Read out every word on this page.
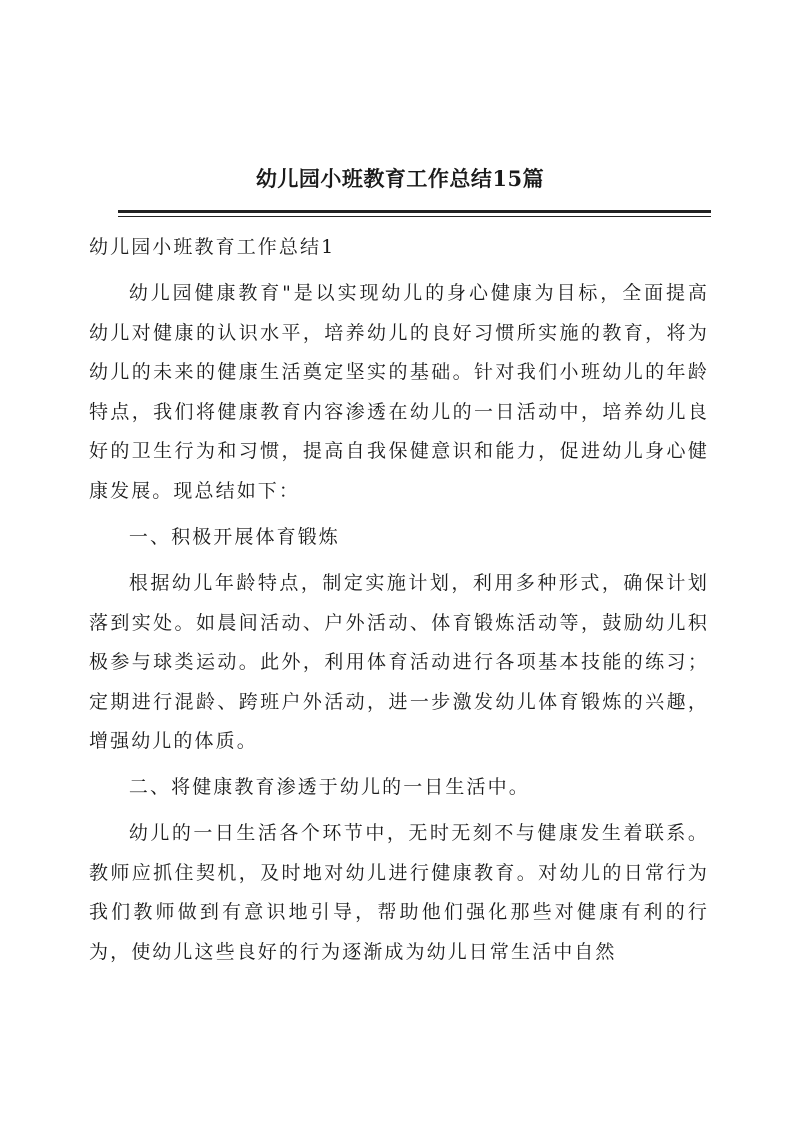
幼儿园小班教育工作总结15篇

幼儿园小班教育工作总结1

幼儿园健康教育"是以实现幼儿的身心健康为目标，全面提高幼儿对健康的认识水平，培养幼儿的良好习惯所实施的教育，将为幼儿的未来的健康生活奠定坚实的基础。针对我们小班幼儿的年龄特点，我们将健康教育内容渗透在幼儿的一日活动中，培养幼儿良好的卫生行为和习惯，提高自我保健意识和能力，促进幼儿身心健康发展。现总结如下：

一、积极开展体育锻炼

根据幼儿年龄特点，制定实施计划，利用多种形式，确保计划落到实处。如晨间活动、户外活动、体育锻炼活动等，鼓励幼儿积极参与球类运动。此外，利用体育活动进行各项基本技能的练习；定期进行混龄、跨班户外活动，进一步激发幼儿体育锻炼的兴趣，增强幼儿的体质。

二、将健康教育渗透于幼儿的一日生活中。

幼儿的一日生活各个环节中，无时无刻不与健康发生着联系。教师应抓住契机，及时地对幼儿进行健康教育。对幼儿的日常行为我们教师做到有意识地引导，帮助他们强化那些对健康有利的行为，使幼儿这些良好的行为逐渐成为幼儿日常生活中自然
